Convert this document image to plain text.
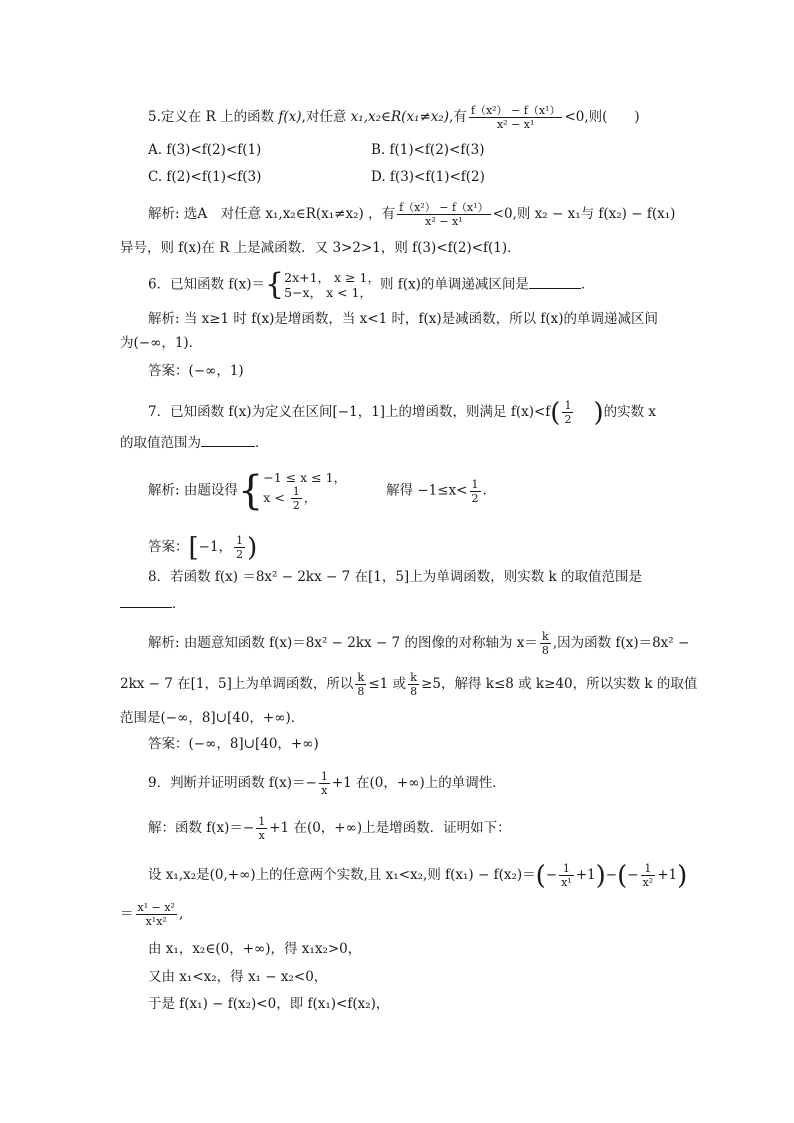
5.定义在 R 上的函数 f(x),对任意 x₁,x₂∈R(x₁≠x₂),有 $\frac{\text{f（x²） − f（x¹）}}{\text{x² − x¹}} <0$,则(　　)
A. f(3)<f(2)<f(1)	B. f(1)<f(2)<f(3)
C. f(2)<f(1)<f(3)	D. f(3)<f(1)<f(2)
解析: 选A　对任意 x₁,x₂∈R(x₁≠x₂) ，有 $\frac{\text{f（x²） − f（x¹）}}{\text{x² − x¹}} <0$,则 x₂ − x₁与 f(x₂) − f(x₁)
异号，则 f(x)在 R 上是减函数．又 3>2>1，则 f(3)<f(2)<f(1)．
6．已知函数 f(x)＝{ 2x+1， x ≥ 1，
5−x， x < 1， 则 f(x)的单调递减区间是	．
解析: 当 x≥1 时 f(x)是增函数，当 x<1 时，f(x)是减函数，所以 f(x)的单调递减区间
为(−∞，1)．
答案：(−∞，1)
7．已知函数 f(x)为定义在区间[−1，1]上的增函数，则满足 $f(x)<f( \frac{1}{2}$ )的实数 x
的取值范围为	．
解析: 由题设得{ −1 ≤ x ≤ 1，
$x < \frac{1}{2}$ ，	解得 $-1\le x< \frac{1}{2}$ .
答案：[−1， $\frac{1}{2}$ )
8．若函数 f(x) ＝8x² − 2kx − 7 在[1，5]上为单调函数，则实数 k 的取值范围是
．
解析: 由题意知函数 f(x)＝8x² − 2kx − 7 的图像的对称轴为 $x= \frac{k}{8}$ ,因为函数 f(x)＝8x² −
2kx − 7 在[1，5]上为单调函数，所以 $\frac{k}{8} \le 1$ 或 $\frac{k}{8} \ge 5$，解得 k≤8 或 k≥40，所以实数 k 的取值
范围是(−∞，8]∪[40，+∞)．
答案：(−∞，8]∪[40，+∞)
9．判断并证明函数 $f(x)=- \frac{1}{x} +1$ 在(0，+∞)上的单调性．
解：函数 $f(x)=- \frac{1}{x} +1$ 在(0，+∞)上是增函数．证明如下：
设 x₁,x₂是(0,+∞)上的任意两个实数,且 x₁<x₂,则 $f(x_1) - f(x_2)=(- \frac{1}{\text{x¹}} +1)-(- \frac{1}{\text{x²}} +1)$
＝ $\frac{\text{x¹ − x²}}{\text{x¹x²}}$ ,
由 x₁，x₂∈(0，+∞)，得 x₁x₂>0，
又由 x₁<x₂，得 x₁ − x₂<0，
于是 f(x₁) − f(x₂)<0，即 f(x₁)<f(x₂)，
